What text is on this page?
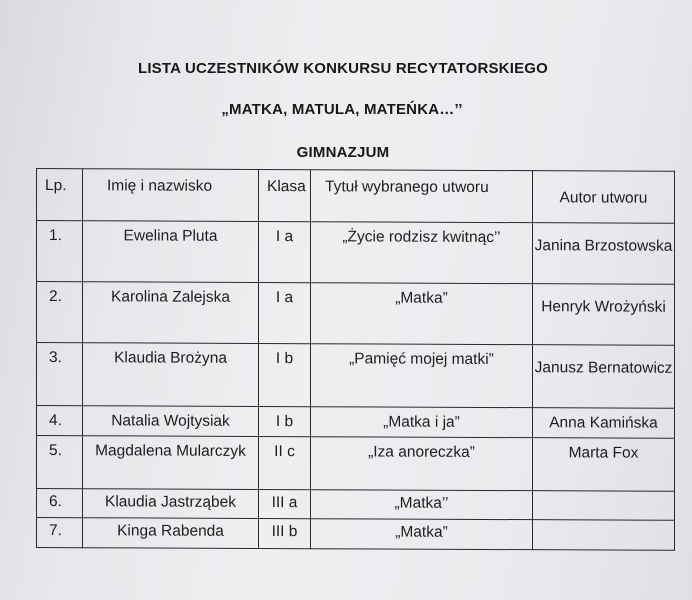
LISTA UCZESTNIKÓW KONKURSU RECYTATORSKIEGO
„MATKA, MATULA, MATEŃKA…’’
GIMNAZJUM
Lp.	Imię i nazwisko	Klasa	Tytuł wybranego utworu	Autor utworu
1.	Ewelina Pluta	I a	„Życie rodzisz kwitnąc’’	Janina Brzostowska
2.	Karolina Zalejska	I a	„Matka”	Henryk Wrożyński
3.	Klaudia Brożyna	I b	„Pamięć mojej matki”	Janusz Bernatowicz
4.	Natalia Wojtysiak	I b	„Matka i ja”	Anna Kamińska
5.	Magdalena Mularczyk	II c	„Iza anoreczka”	Marta Fox
6.	Klaudia Jastrząbek	III a	„Matka’’	
7.	Kinga Rabenda	III b	„Matka”	
